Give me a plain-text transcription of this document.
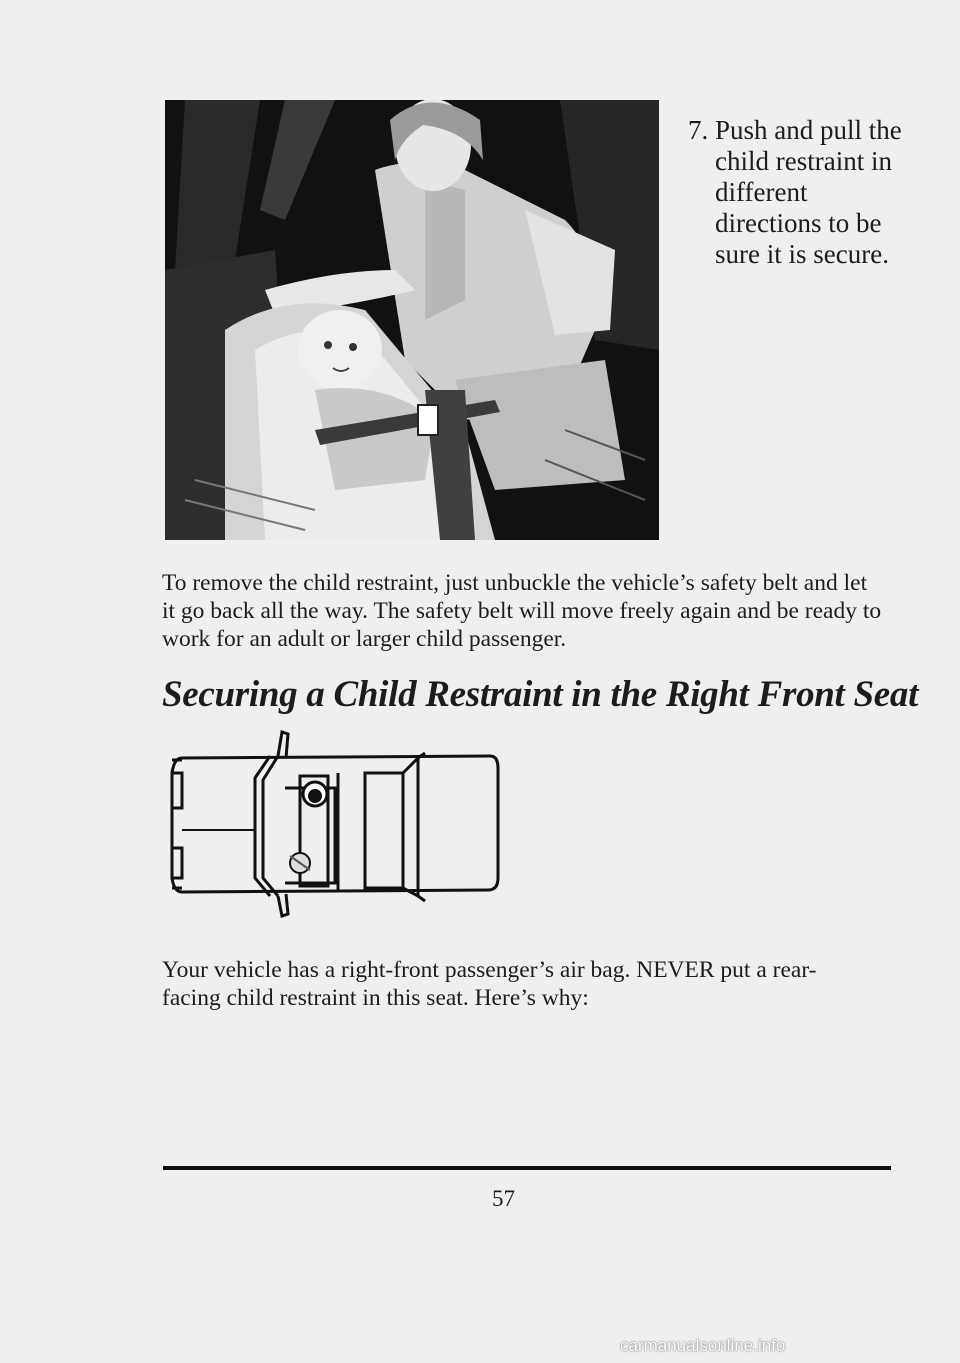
7. Push and pull the child restraint in different directions to be sure it is secure.

To remove the child restraint, just unbuckle the vehicle’s safety belt and let it go back all the way. The safety belt will move freely again and be ready to work for an adult or larger child passenger.

Securing a Child Restraint in the Right Front Seat

Your vehicle has a right-front passenger’s air bag. NEVER put a rear-facing child restraint in this seat. Here’s why:

57
carmanualsonline.info
